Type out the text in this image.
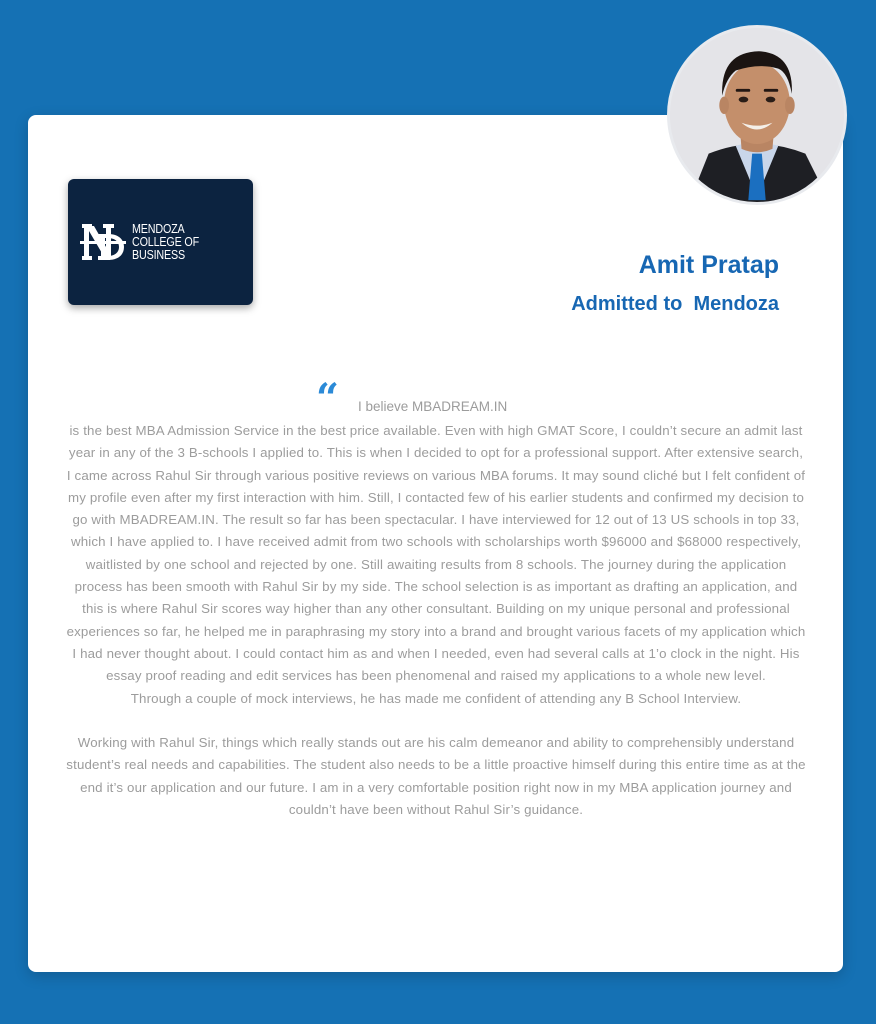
MENDOZA COLLEGE OF BUSINESS	Amit Pratap
Admitted to  Mendoza
“ I believe MBADREAM.IN

is the best MBA Admission Service in the best price available. Even with high GMAT Score, I couldn’t secure an admit last year in any of the 3 B-schools I applied to. This is when I decided to opt for a professional support. After extensive search, I came across Rahul Sir through various positive reviews on various MBA forums. It may sound cliché but I felt confident of my profile even after my first interaction with him. Still, I contacted few of his earlier students and confirmed my decision to go with MBADREAM.IN. The result so far has been spectacular. I have interviewed for 12 out of 13 US schools in top 33, which I have applied to. I have received admit from two schools with scholarships worth $96000 and $68000 respectively, waitlisted by one school and rejected by one. Still awaiting results from 8 schools. The journey during the application process has been smooth with Rahul Sir by my side. The school selection is as important as drafting an application, and this is where Rahul Sir scores way higher than any other consultant. Building on my unique personal and professional experiences so far, he helped me in paraphrasing my story into a brand and brought various facets of my application which I had never thought about. I could contact him as and when I needed, even had several calls at 1’o clock in the night. His essay proof reading and edit services has been phenomenal and raised my applications to a whole new level.

Through a couple of mock interviews, he has made me confident of attending any B School Interview.

Working with Rahul Sir, things which really stands out are his calm demeanor and ability to comprehensibly understand student’s real needs and capabilities. The student also needs to be a little proactive himself during this entire time as at the end it’s our application and our future. I am in a very comfortable position right now in my MBA application journey and couldn’t have been without Rahul Sir’s guidance.
